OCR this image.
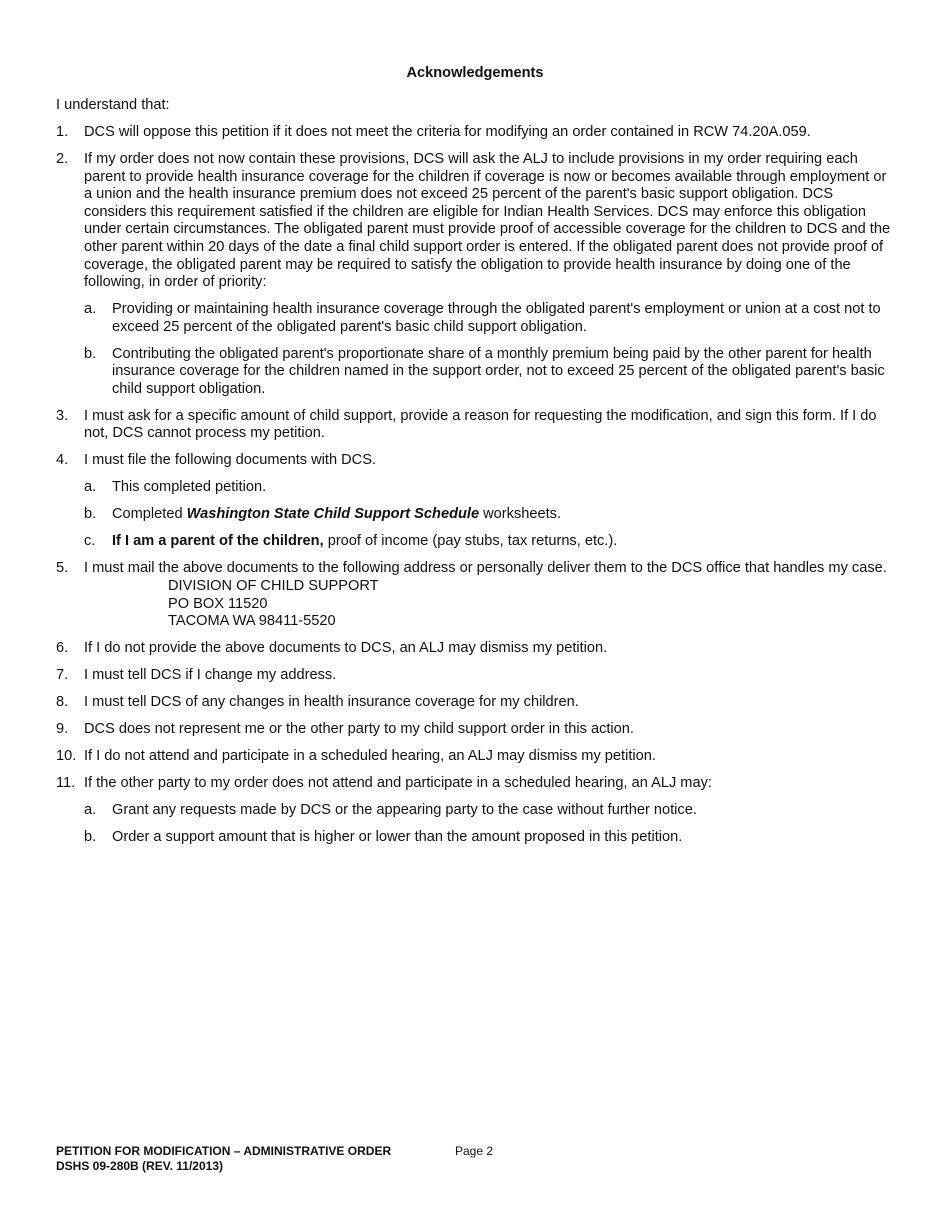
Acknowledgements
I understand that:
1. DCS will oppose this petition if it does not meet the criteria for modifying an order contained in RCW 74.20A.059.
2. If my order does not now contain these provisions, DCS will ask the ALJ to include provisions in my order requiring each parent to provide health insurance coverage for the children if coverage is now or becomes available through employment or a union and the health insurance premium does not exceed 25 percent of the parent's basic support obligation. DCS considers this requirement satisfied if the children are eligible for Indian Health Services. DCS may enforce this obligation under certain circumstances. The obligated parent must provide proof of accessible coverage for the children to DCS and the other parent within 20 days of the date a final child support order is entered. If the obligated parent does not provide proof of coverage, the obligated parent may be required to satisfy the obligation to provide health insurance by doing one of the following, in order of priority:
a. Providing or maintaining health insurance coverage through the obligated parent's employment or union at a cost not to exceed 25 percent of the obligated parent's basic child support obligation.
b. Contributing the obligated parent's proportionate share of a monthly premium being paid by the other parent for health insurance coverage for the children named in the support order, not to exceed 25 percent of the obligated parent's basic child support obligation.
3. I must ask for a specific amount of child support, provide a reason for requesting the modification, and sign this form. If I do not, DCS cannot process my petition.
4. I must file the following documents with DCS.
a. This completed petition.
b. Completed Washington State Child Support Schedule worksheets.
c. If I am a parent of the children, proof of income (pay stubs, tax returns, etc.).
5. I must mail the above documents to the following address or personally deliver them to the DCS office that handles my case.
DIVISION OF CHILD SUPPORT
PO BOX 11520
TACOMA WA 98411-5520
6. If I do not provide the above documents to DCS, an ALJ may dismiss my petition.
7. I must tell DCS if I change my address.
8. I must tell DCS of any changes in health insurance coverage for my children.
9. DCS does not represent me or the other party to my child support order in this action.
10. If I do not attend and participate in a scheduled hearing, an ALJ may dismiss my petition.
11. If the other party to my order does not attend and participate in a scheduled hearing, an ALJ may:
a. Grant any requests made by DCS or the appearing party to the case without further notice.
b. Order a support amount that is higher or lower than the amount proposed in this petition.
PETITION FOR MODIFICATION – ADMINISTRATIVE ORDER
DSHS 09-280B (REV. 11/2013)
Page 2
